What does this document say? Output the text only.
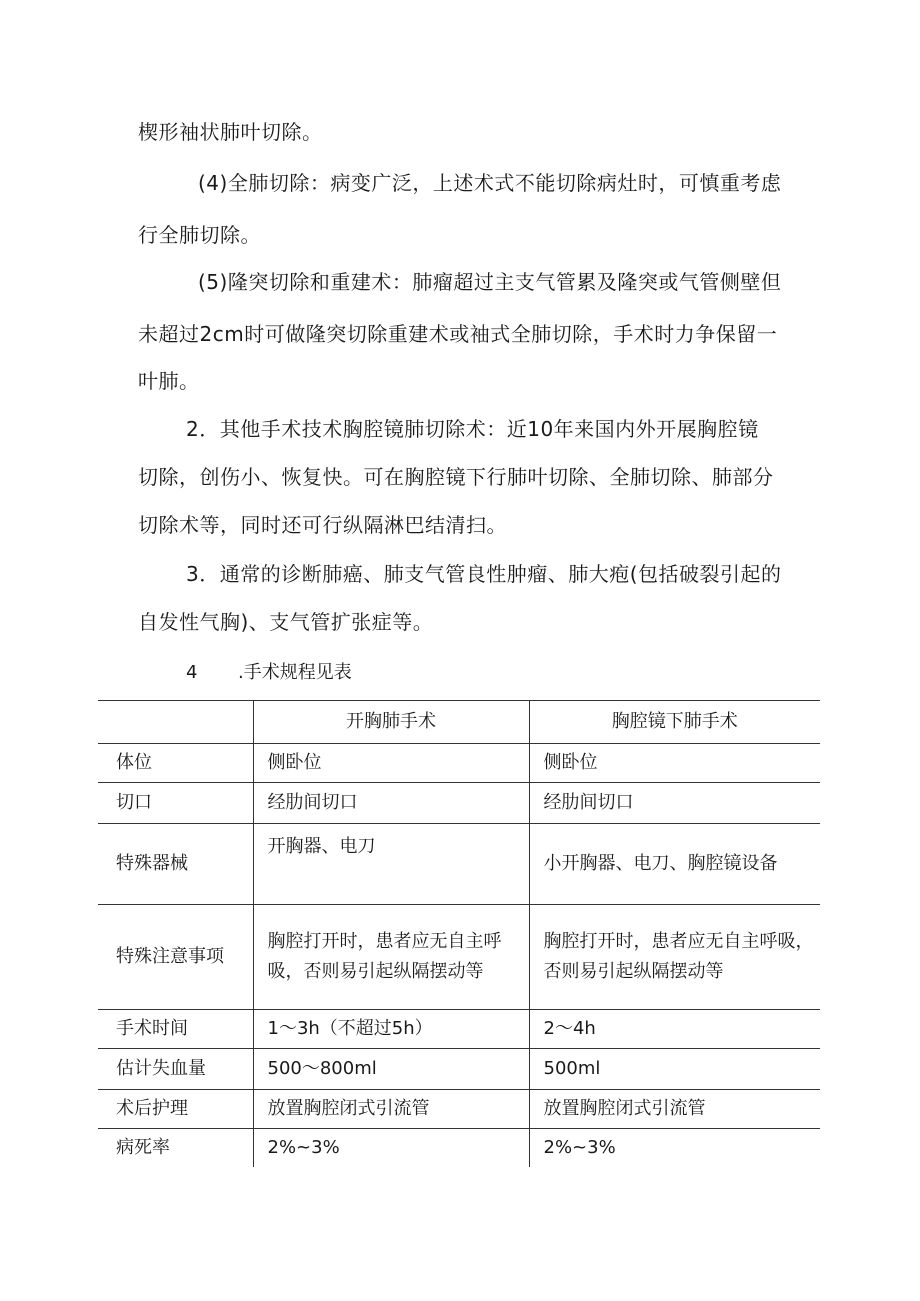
楔形袖状肺叶切除。
(4)全肺切除：病变广泛，上述术式不能切除病灶时，可慎重考虑
行全肺切除。
(5)隆突切除和重建术：肺瘤超过主支气管累及隆突或气管侧壁但
未超过2cm时可做隆突切除重建术或袖式全肺切除，手术时力争保留一
叶肺。
2．其他手术技术胸腔镜肺切除术：近10年来国内外开展胸腔镜
切除，创伤小、恢复快。可在胸腔镜下行肺叶切除、全肺切除、肺部分
切除术等，同时还可行纵隔淋巴结清扫。
3．通常的诊断肺癌、肺支气管良性肿瘤、肺大疱(包括破裂引起的
自发性气胸)、支气管扩张症等。
4 .手术规程见表
	开胸肺手术	胸腔镜下肺手术
体位	侧卧位	侧卧位
切口	经肋间切口	经肋间切口
特殊器械	开胸器、电刀	小开胸器、电刀、胸腔镜设备
特殊注意事项	胸腔打开时，患者应无自主呼吸，否则易引起纵隔摆动等	胸腔打开时，患者应无自主呼吸，否则易引起纵隔摆动等
手术时间	1～3h（不超过5h）	2～4h
估计失血量	500～800ml	500ml
术后护理	放置胸腔闭式引流管	放置胸腔闭式引流管
病死率	2%~3%	2%~3%
